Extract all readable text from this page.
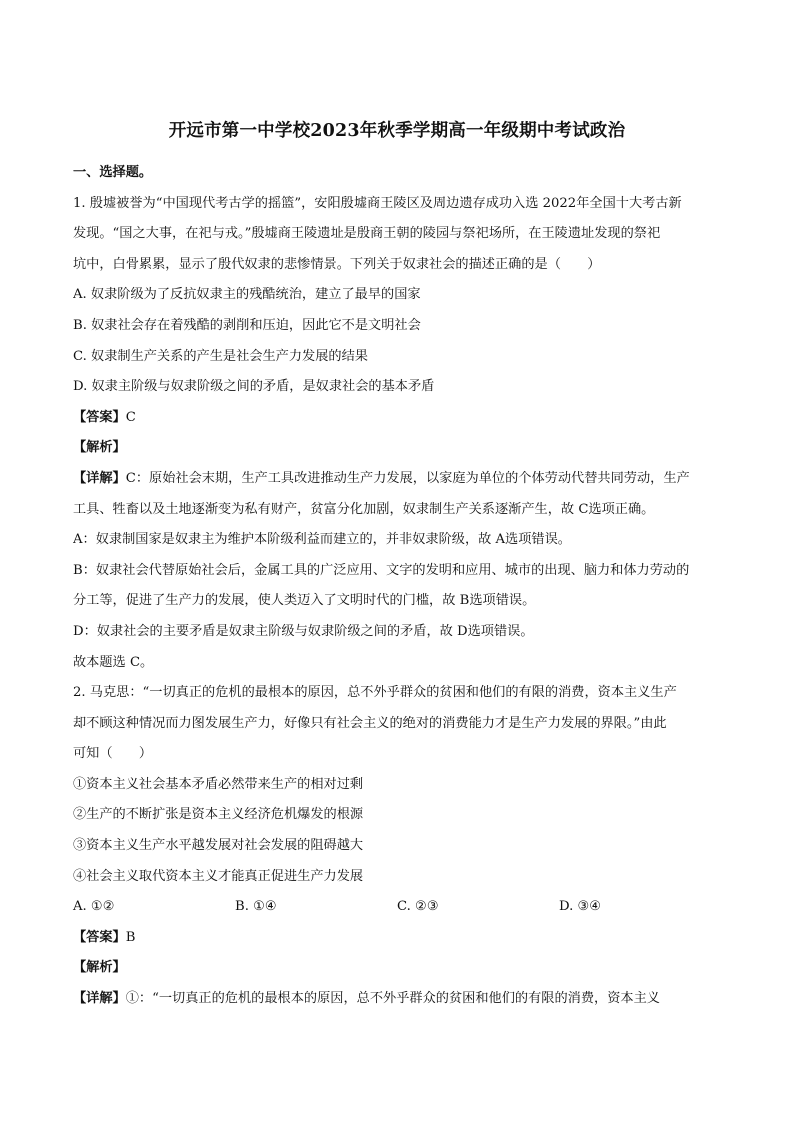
开远市第一中学校2023年秋季学期高一年级期中考试政治
一、选择题。
1. 殷墟被誉为“中国现代考古学的摇篮”，安阳殷墟商王陵区及周边遗存成功入选 2022年全国十大考古新
发现。“国之大事，在祀与戎。”殷墟商王陵遗址是殷商王朝的陵园与祭祀场所，在王陵遗址发现的祭祀
坑中，白骨累累，显示了殷代奴隶的悲惨情景。下列关于奴隶社会的描述正确的是（　　）
A. 奴隶阶级为了反抗奴隶主的残酷统治，建立了最早的国家
B. 奴隶社会存在着残酷的剥削和压迫，因此它不是文明社会
C. 奴隶制生产关系的产生是社会生产力发展的结果
D. 奴隶主阶级与奴隶阶级之间的矛盾，是奴隶社会的基本矛盾
【答案】C
【解析】
【详解】C：原始社会末期，生产工具改进推动生产力发展，以家庭为单位的个体劳动代替共同劳动，生产
工具、牲畜以及土地逐渐变为私有财产，贫富分化加剧，奴隶制生产关系逐渐产生，故 C选项正确。
A：奴隶制国家是奴隶主为维护本阶级利益而建立的，并非奴隶阶级，故 A选项错误。
B：奴隶社会代替原始社会后，金属工具的广泛应用、文字的发明和应用、城市的出现、脑力和体力劳动的
分工等，促进了生产力的发展，使人类迈入了文明时代的门槛，故 B选项错误。
D：奴隶社会的主要矛盾是奴隶主阶级与奴隶阶级之间的矛盾，故 D选项错误。
故本题选 C。
2. 马克思：“一切真正的危机的最根本的原因，总不外乎群众的贫困和他们的有限的消费，资本主义生产
却不顾这种情况而力图发展生产力，好像只有社会主义的绝对的消费能力才是生产力发展的界限。”由此
可知（　　）
①资本主义社会基本矛盾必然带来生产的相对过剩
②生产的不断扩张是资本主义经济危机爆发的根源
③资本主义生产水平越发展对社会发展的阻碍越大
④社会主义取代资本主义才能真正促进生产力发展
A. ①②	B. ①④	C. ②③	D. ③④
【答案】B
【解析】
【详解】①：“一切真正的危机的最根本的原因，总不外乎群众的贫困和他们的有限的消费，资本主义
